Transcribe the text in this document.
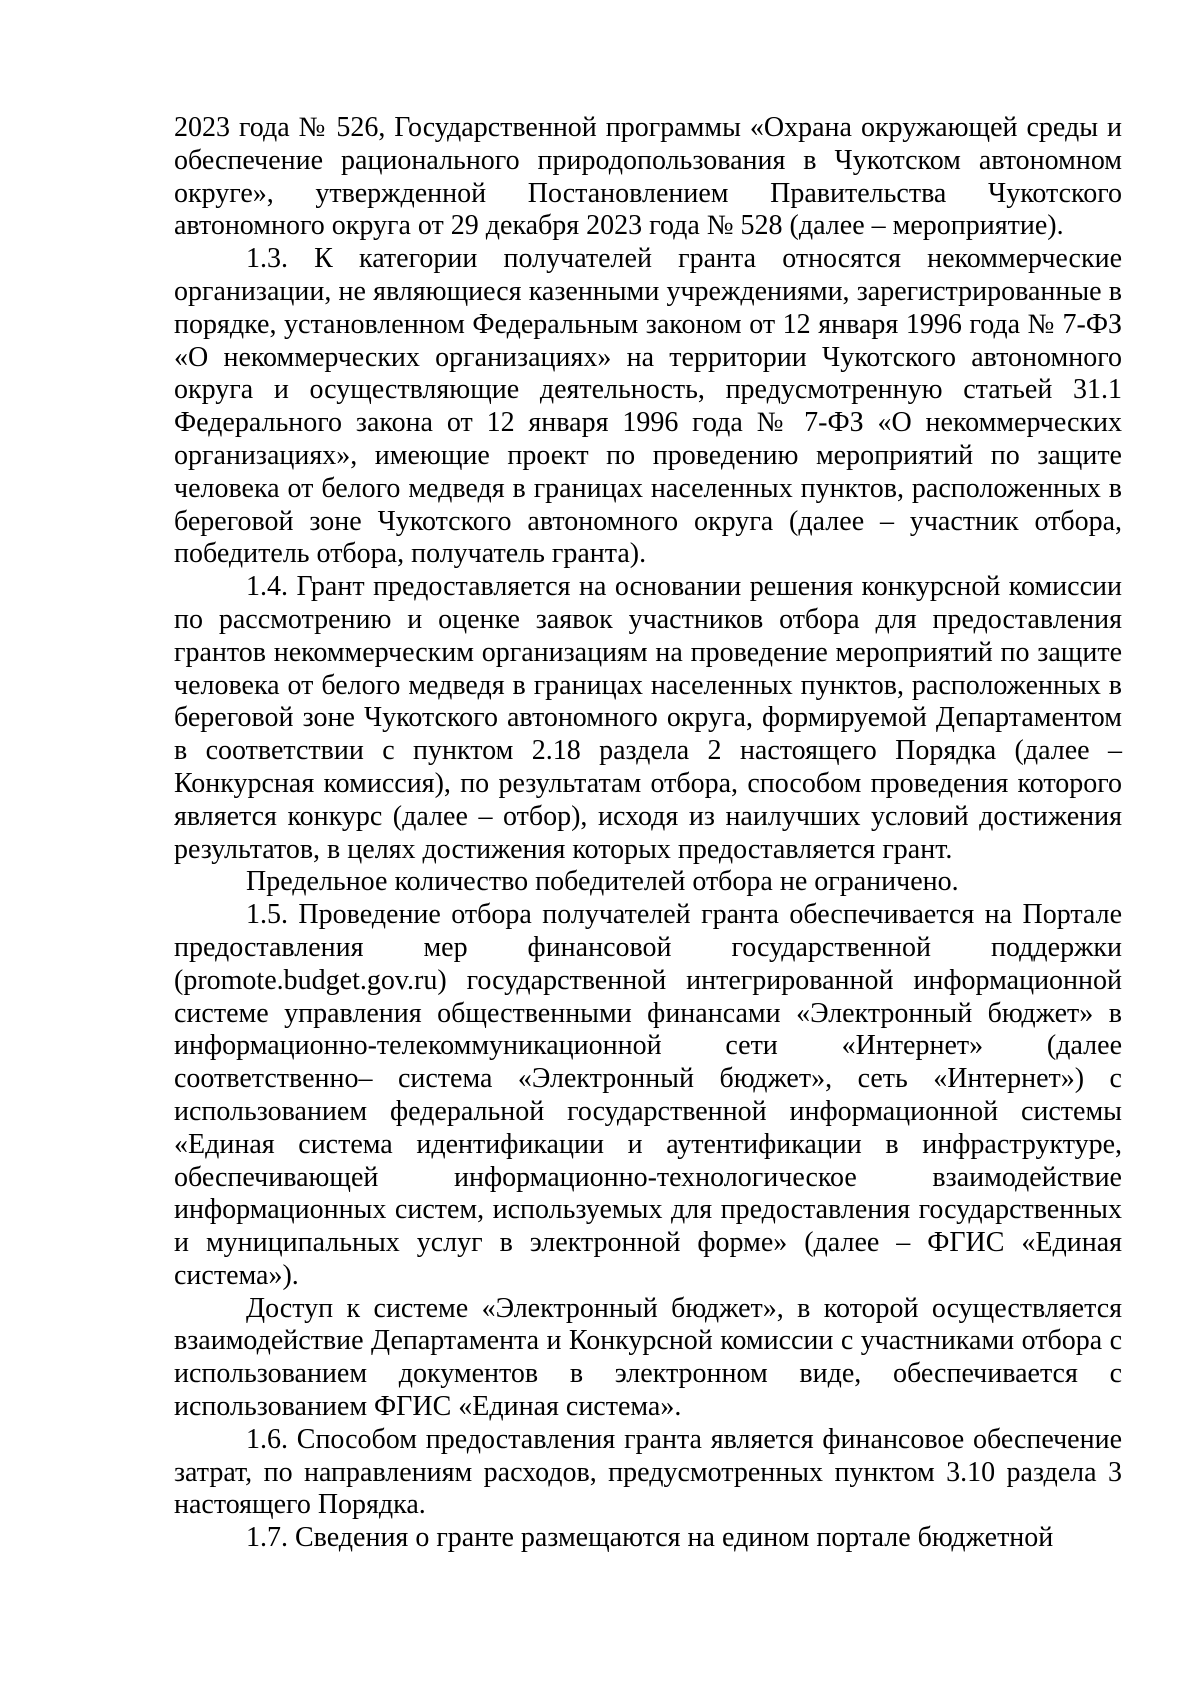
2023 года № 526, Государственной программы «Охрана окружающей среды и обеспечение рационального природопользования в Чукотском автономном округе», утвержденной Постановлением Правительства Чукотского автономного округа от 29 декабря 2023 года № 528 (далее – мероприятие).

1.3. К категории получателей гранта относятся некоммерческие организации, не являющиеся казенными учреждениями, зарегистрированные в порядке, установленном Федеральным законом от 12 января 1996 года № 7-ФЗ «О некоммерческих организациях» на территории Чукотского автономного округа и осуществляющие деятельность, предусмотренную статьей 31.1 Федерального закона от 12 января 1996 года № 7-ФЗ «О некоммерческих организациях», имеющие проект по проведению мероприятий по защите человека от белого медведя в границах населенных пунктов, расположенных в береговой зоне Чукотского автономного округа (далее – участник отбора, победитель отбора, получатель гранта).

1.4. Грант предоставляется на основании решения конкурсной комиссии по рассмотрению и оценке заявок участников отбора для предоставления грантов некоммерческим организациям на проведение мероприятий по защите человека от белого медведя в границах населенных пунктов, расположенных в береговой зоне Чукотского автономного округа, формируемой Департаментом в соответствии с пунктом 2.18 раздела 2 настоящего Порядка (далее – Конкурсная комиссия), по результатам отбора, способом проведения которого является конкурс (далее – отбор), исходя из наилучших условий достижения результатов, в целях достижения которых предоставляется грант.

Предельное количество победителей отбора не ограничено.

1.5. Проведение отбора получателей гранта обеспечивается на Портале предоставления мер финансовой государственной поддержки (promote.budget.gov.ru) государственной интегрированной информационной системе управления общественными финансами «Электронный бюджет» в информационно-телекоммуникационной сети «Интернет» (далее соответственно– система «Электронный бюджет», сеть «Интернет») с использованием федеральной государственной информационной системы «Единая система идентификации и аутентификации в инфраструктуре, обеспечивающей информационно-технологическое взаимодействие информационных систем, используемых для предоставления государственных и муниципальных услуг в электронной форме» (далее – ФГИС «Единая система»).

Доступ к системе «Электронный бюджет», в которой осуществляется взаимодействие Департамента и Конкурсной комиссии с участниками отбора с использованием документов в электронном виде, обеспечивается с использованием ФГИС «Единая система».

1.6. Способом предоставления гранта является финансовое обеспечение затрат, по направлениям расходов, предусмотренных пунктом 3.10 раздела 3 настоящего Порядка.

1.7. Сведения о гранте размещаются на едином портале бюджетной
